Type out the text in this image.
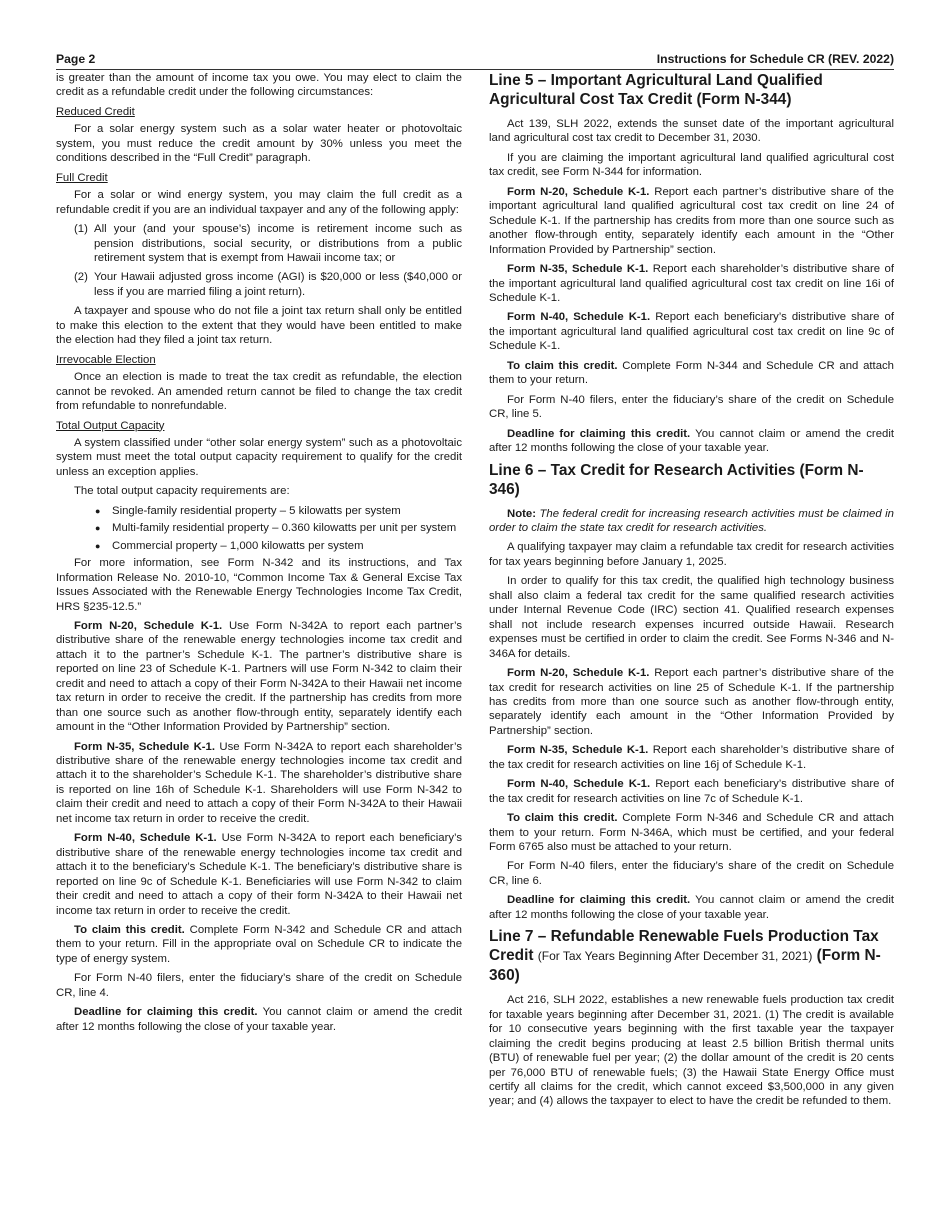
Page 2	Instructions for Schedule CR (REV. 2022)

is greater than the amount of income tax you owe. You may elect to claim the credit as a refundable credit under the following circumstances:

Reduced Credit

For a solar energy system such as a solar water heater or photovoltaic system, you must reduce the credit amount by 30% unless you meet the conditions described in the “Full Credit” paragraph.

Full Credit

For a solar or wind energy system, you may claim the full credit as a refundable credit if you are an individual taxpayer and any of the following apply:

(1) All your (and your spouse’s) income is retirement income such as pension distributions, social security, or distributions from a public retirement system that is exempt from Hawaii income tax; or
(2) Your Hawaii adjusted gross income (AGI) is $20,000 or less ($40,000 or less if you are married filing a joint return).

A taxpayer and spouse who do not file a joint tax return shall only be entitled to make this election to the extent that they would have been entitled to make the election had they filed a joint tax return.

Irrevocable Election

Once an election is made to treat the tax credit as refundable, the election cannot be revoked. An amended return cannot be filed to change the tax credit from refundable to nonrefundable.

Total Output Capacity

A system classified under “other solar energy system” such as a photovoltaic system must meet the total output capacity requirement to qualify for the credit unless an exception applies.

The total output capacity requirements are:

● Single-family residential property – 5 kilowatts per system
● Multi-family residential property – 0.360 kilowatts per unit per system
● Commercial property – 1,000 kilowatts per system

For more information, see Form N-342 and its instructions, and Tax Information Release No. 2010-10, “Common Income Tax & General Excise Tax Issues Associated with the Renewable Energy Technologies Income Tax Credit, HRS §235-12.5.”

Form N-20, Schedule K-1. Use Form N-342A to report each partner’s distributive share of the renewable energy technologies income tax credit and attach it to the partner’s Schedule K-1. The partner’s distributive share is reported on line 23 of Schedule K-1. Partners will use Form N-342 to claim their credit and need to attach a copy of their Form N-342A to their Hawaii net income tax return in order to receive the credit. If the partnership has credits from more than one source such as another flow-through entity, separately identify each amount in the “Other Information Provided by Partnership” section.

Form N-35, Schedule K-1. Use Form N-342A to report each shareholder’s distributive share of the renewable energy technologies income tax credit and attach it to the shareholder’s Schedule K-1. The shareholder’s distributive share is reported on line 16h of Schedule K-1. Shareholders will use Form N-342 to claim their credit and need to attach a copy of their Form N-342A to their Hawaii net income tax return in order to receive the credit.

Form N-40, Schedule K-1. Use Form N-342A to report each beneficiary’s distributive share of the renewable energy technologies income tax credit and attach it to the beneficiary’s Schedule K-1. The beneficiary’s distributive share is reported on line 9c of Schedule K-1. Beneficiaries will use Form N-342 to claim their credit and need to attach a copy of their form N-342A to their Hawaii net income tax return in order to receive the credit.

To claim this credit. Complete Form N-342 and Schedule CR and attach them to your return. Fill in the appropriate oval on Schedule CR to indicate the type of energy system.

For Form N-40 filers, enter the fiduciary’s share of the credit on Schedule CR, line 4.

Deadline for claiming this credit. You cannot claim or amend the credit after 12 months following the close of your taxable year.

Line 5 – Important Agricultural Land Qualified Agricultural Cost Tax Credit (Form N-344)

Act 139, SLH 2022, extends the sunset date of the important agricultural land agricultural cost tax credit to December 31, 2030.

If you are claiming the important agricultural land qualified agricultural cost tax credit, see Form N-344 for information.

Form N-20, Schedule K-1. Report each partner’s distributive share of the important agricultural land qualified agricultural cost tax credit on line 24 of Schedule K-1. If the partnership has credits from more than one source such as another flow-through entity, separately identify each amount in the “Other Information Provided by Partnership” section.

Form N-35, Schedule K-1. Report each shareholder’s distributive share of the important agricultural land qualified agricultural cost tax credit on line 16i of Schedule K-1.

Form N-40, Schedule K-1. Report each beneficiary’s distributive share of the important agricultural land qualified agricultural cost tax credit on line 9c of Schedule K-1.

To claim this credit. Complete Form N-344 and Schedule CR and attach them to your return.

For Form N-40 filers, enter the fiduciary’s share of the credit on Schedule CR, line 5.

Deadline for claiming this credit. You cannot claim or amend the credit after 12 months following the close of your taxable year.

Line 6 – Tax Credit for Research Activities (Form N-346)

Note: The federal credit for increasing research activities must be claimed in order to claim the state tax credit for research activities.

A qualifying taxpayer may claim a refundable tax credit for research activities for tax years beginning before January 1, 2025.

In order to qualify for this tax credit, the qualified high technology business shall also claim a federal tax credit for the same qualified research activities under Internal Revenue Code (IRC) section 41. Qualified research expenses shall not include research expenses incurred outside Hawaii. Research expenses must be certified in order to claim the credit. See Forms N-346 and N-346A for details.

Form N-20, Schedule K-1. Report each partner’s distributive share of the tax credit for research activities on line 25 of Schedule K-1. If the partnership has credits from more than one source such as another flow-through entity, separately identify each amount in the “Other Information Provided by Partnership” section.

Form N-35, Schedule K-1. Report each shareholder’s distributive share of the tax credit for research activities on line 16j of Schedule K-1.

Form N-40, Schedule K-1. Report each beneficiary’s distributive share of the tax credit for research activities on line 7c of Schedule K-1.

To claim this credit. Complete Form N-346 and Schedule CR and attach them to your return. Form N-346A, which must be certified, and your federal Form 6765 also must be attached to your return.

For Form N-40 filers, enter the fiduciary’s share of the credit on Schedule CR, line 6.

Deadline for claiming this credit. You cannot claim or amend the credit after 12 months following the close of your taxable year.

Line 7 – Refundable Renewable Fuels Production Tax Credit (For Tax Years Beginning After December 31, 2021) (Form N-360)

Act 216, SLH 2022, establishes a new renewable fuels production tax credit for taxable years beginning after December 31, 2021. (1) The credit is available for 10 consecutive years beginning with the first taxable year the taxpayer claiming the credit begins producing at least 2.5 billion British thermal units (BTU) of renewable fuel per year; (2) the dollar amount of the credit is 20 cents per 76,000 BTU of renewable fuels; (3) the Hawaii State Energy Office must certify all claims for the credit, which cannot exceed $3,500,000 in any given year; and (4) allows the taxpayer to elect to have the credit be refunded to them.
